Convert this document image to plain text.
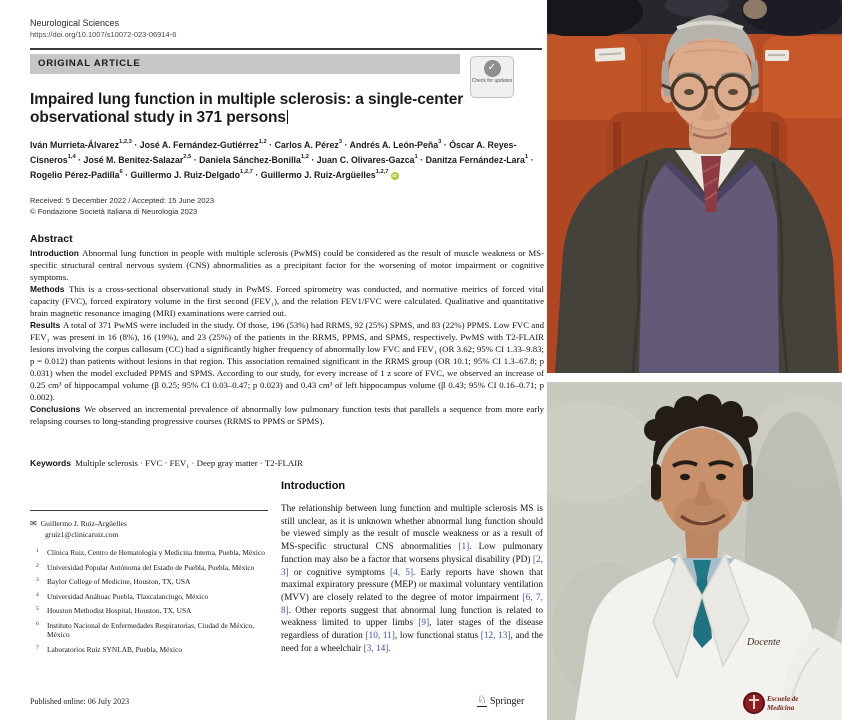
Neurological Sciences
https://doi.org/10.1007/s10072-023-06914-6
ORIGINAL ARTICLE	✓
Check for updates
Impaired lung function in multiple sclerosis: a single-center observational study in 371 persons
Iván Murrieta-Álvarez$^{1,2,3}$ · José A. Fernández-Gutiérrez$^{1,2}$ · Carlos A. Pérez$^3$ · Andrés A. León-Peña$^3$ · Óscar A. Reyes-Cisneros$^{1,4}$ · José M. Benitez-Salazar$^{2,5}$ · Daniela Sánchez-Bonilla$^{1,2}$ · Juan C. Olivares-Gazca$^1$ · Danitza Fernández-Lara$^1$ · Rogelio Pérez-Padilla$^6$ · Guillermo J. Ruiz-Delgado$^{1,2,7}$ · Guillermo J. Ruiz-Argüelles$^{1,2,7}$iD
Received: 5 December 2022 / Accepted: 15 June 2023
© Fondazione Società Italiana di Neurologia 2023
Abstract

Introduction Abnormal lung function in people with multiple sclerosis (PwMS) could be considered as the result of muscle weakness or MS-specific structural central nervous system (CNS) abnormalities as a precipitant factor for the worsening of motor impairment or cognitive symptoms.

Methods This is a cross-sectional observational study in PwMS. Forced spirometry was conducted, and normative metrics of forced vital capacity (FVC), forced expiratory volume in the first second (FEV₁), and the relation FEV1/FVC were calculated. Qualitative and quantitative brain magnetic resonance imaging (MRI) examinations were carried out.

Results A total of 371 PwMS were included in the study. Of those, 196 (53%) had RRMS, 92 (25%) SPMS, and 83 (22%) PPMS. Low FVC and FEV₁ was present in 16 (8%), 16 (19%), and 23 (25%) of the patients in the RRMS, PPMS, and SPMS, respectively. PwMS with T2-FLAIR lesions involving the corpus callosum (CC) had a significantly higher frequency of abnormally low FVC and FEV₁ (OR 3.62; 95% CI 1.33–9.83; p = 0.012) than patients without lesions in that region. This association remained significant in the RRMS group (OR 10.1; 95% CI 1.3–67.8; p 0.031) when the model excluded PPMS and SPMS. According to our study, for every increase of 1 z score of FVC, we observed an increase of 0.25 cm³ of hippocampal volume (β 0.25; 95% CI 0.03–0.47; p 0.023) and 0.43 cm³ of left hippocampus volume (β 0.43; 95% CI 0.16–0.71; p 0.002).

Conclusions We observed an incremental prevalence of abnormally low pulmonary function tests that parallels a sequence from more early relapsing courses to long-standing progressive courses (RRMS to PPMS or SPMS).

Keywords Multiple sclerosis · FVC · FEV₁ · Deep gray matter · T2-FLAIR
✉ Guillermo J. Ruiz-Argüelles
gruiz1@clinicaruiz.com
1 Clínica Ruiz, Centro de Hematología y Medicina Interna, Puebla, México
2 Universidad Popular Autónoma del Estado de Puebla, Puebla, México
3 Baylor College of Medicine, Houston, TX, USA
4 Universidad Anáhuac Puebla, Tlaxcalancingo, México
5 Houston Methodist Hospital, Houston, TX, USA
6 Instituto Nacional de Enfermedades Respiratorias, Ciudad de México, México
7 Laboratorios Ruiz SYNLAB, Puebla, México
Published online: 06 July 2023
Introduction
The relationship between lung function and multiple sclerosis MS is still unclear, as it is unknown whether abnormal lung function should be viewed simply as the result of muscle weakness or as a result of MS-specific structural CNS abnormalities [1]. Low pulmonary function may also be a factor that worsens physical disability (PD) [2, 3] or cognitive symptoms [4, 5]. Early reports have shown that maximal expiratory pressure (MEP) or maximal voluntary ventilation (MVV) are closely related to the degree of motor impairment [6, 7, 8]. Other reports suggest that abnormal lung function is related to weakness limited to upper limbs [9], later stages of the disease regardless of duration [10, 11], low functional status [12, 13], and the need for a wheelchair [3, 14].
♘ Springer
Docente
Escuela de
Medicina
